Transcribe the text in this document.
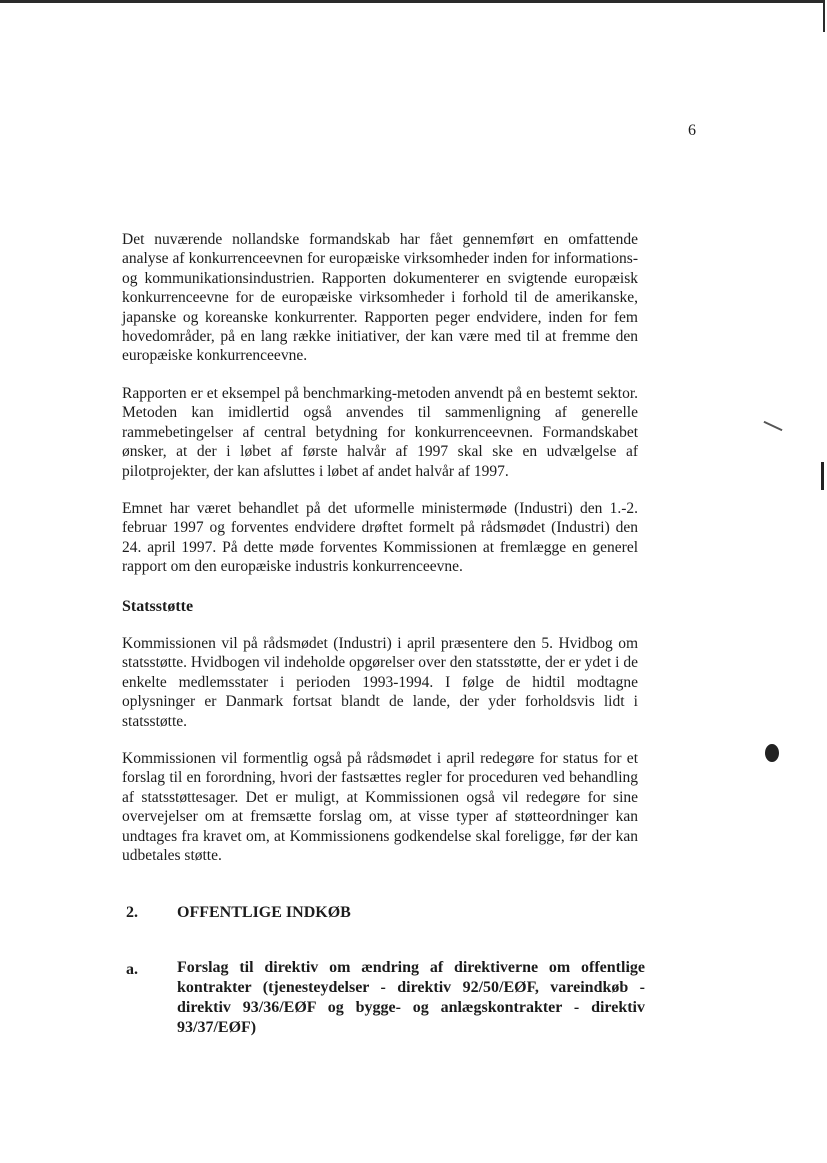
6

Det nuværende nollandske formandskab har fået gennemført en omfattende analyse af konkurrenceevnen for europæiske virksomheder inden for informations- og kommunikationsindustrien. Rapporten dokumenterer en svigtende europæisk konkurrenceevne for de europæiske virksomheder i forhold til de amerikanske, japanske og koreanske konkurrenter. Rapporten peger endvidere, inden for fem hovedområder, på en lang række initiativer, der kan være med til at fremme den europæiske konkurrenceevne.

Rapporten er et eksempel på benchmarking-metoden anvendt på en bestemt sektor. Metoden kan imidlertid også anvendes til sammenligning af generelle rammebetingelser af central betydning for konkurrenceevnen. Formandskabet ønsker, at der i løbet af første halvår af 1997 skal ske en udvælgelse af pilotprojekter, der kan afsluttes i løbet af andet halvår af 1997.

Emnet har været behandlet på det uformelle ministermøde (Industri) den 1.-2. februar 1997 og forventes endvidere drøftet formelt på rådsmødet (Industri) den 24. april 1997. På dette møde forventes Kommissionen at fremlægge en generel rapport om den europæiske industris konkurrenceevne.

Statsstøtte

Kommissionen vil på rådsmødet (Industri) i april præsentere den 5. Hvidbog om statsstøtte. Hvidbogen vil indeholde opgørelser over den statsstøtte, der er ydet i de enkelte medlemsstater i perioden 1993-1994. I følge de hidtil modtagne oplysninger er Danmark fortsat blandt de lande, der yder forholdsvis lidt i statsstøtte.

Kommissionen vil formentlig også på rådsmødet i april redegøre for status for et forslag til en forordning, hvori der fastsættes regler for proceduren ved behandling af statsstøttesager. Det er muligt, at Kommissionen også vil redegøre for sine overvejelser om at fremsætte forslag om, at visse typer af støtteordninger kan undtages fra kravet om, at Kommissionens godkendelse skal foreligge, før der kan udbetales støtte.

2. OFFENTLIGE INDKØB
a. Forslag til direktiv om ændring af direktiverne om offentlige kontrakter (tjenesteydelser - direktiv 92/50/EØF, vareindkøb - direktiv 93/36/EØF og bygge- og anlægskontrakter - direktiv 93/37/EØF)
